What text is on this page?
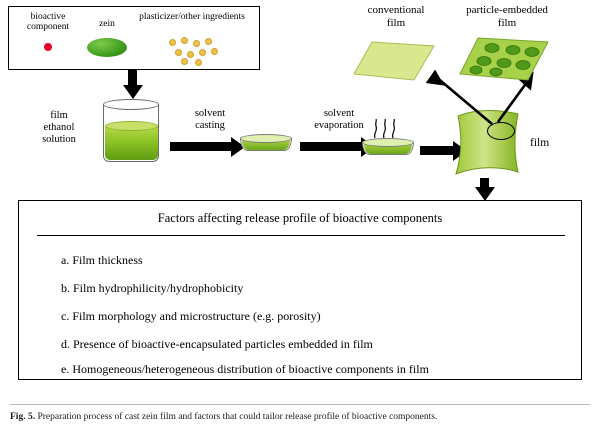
bioactive component	zein
plasticizer/other ingredients
film
ethanol
solution
solvent
casting
solvent
evaporation
film
conventional
film
particle-embedded
film
Factors affecting release profile of bioactive components
a. Film thickness
b. Film hydrophilicity/hydrophobicity
c. Film morphology and microstructure (e.g. porosity)
d. Presence of bioactive-encapsulated particles embedded in film
e. Homogeneous/heterogeneous distribution of bioactive components in film
Fig. 5. Preparation process of cast zein film and factors that could tailor release profile of bioactive components.
